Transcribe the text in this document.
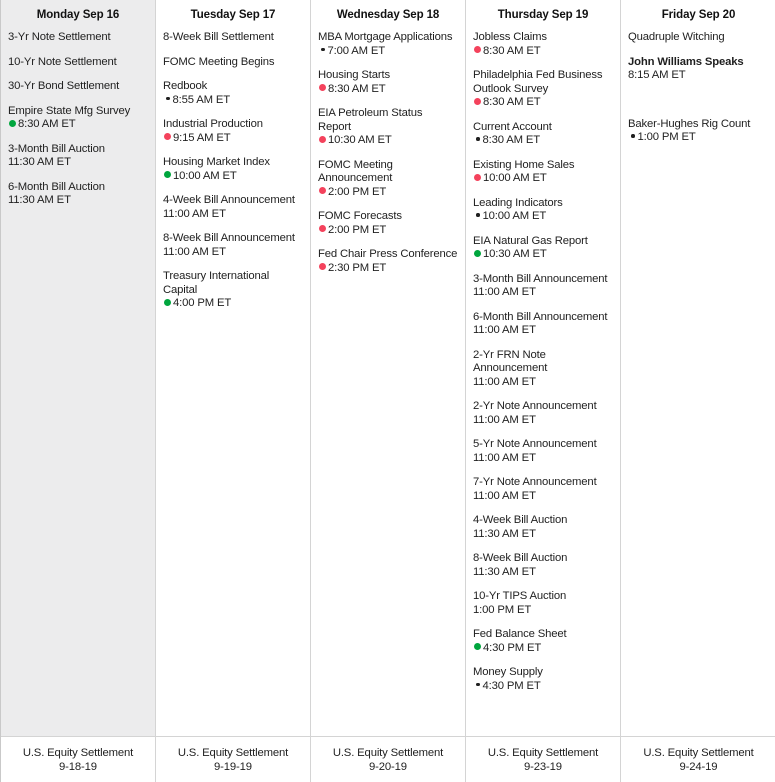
Monday Sep 16
3-Yr Note Settlement
10-Yr Note Settlement
30-Yr Bond Settlement
Empire State Mfg Survey
8:30 AM ET
3-Month Bill Auction
11:30 AM ET
6-Month Bill Auction
11:30 AM ET
Tuesday Sep 17
8-Week Bill Settlement
FOMC Meeting Begins
Redbook
8:55 AM ET
Industrial Production
9:15 AM ET
Housing Market Index
10:00 AM ET
4-Week Bill Announcement
11:00 AM ET
8-Week Bill Announcement
11:00 AM ET
Treasury International Capital
4:00 PM ET
Wednesday Sep 18
MBA Mortgage Applications
7:00 AM ET
Housing Starts
8:30 AM ET
EIA Petroleum Status Report
10:30 AM ET
FOMC Meeting Announcement
2:00 PM ET
FOMC Forecasts
2:00 PM ET
Fed Chair Press Conference
2:30 PM ET
Thursday Sep 19
Jobless Claims
8:30 AM ET
Philadelphia Fed Business Outlook Survey
8:30 AM ET
Current Account
8:30 AM ET
Existing Home Sales
10:00 AM ET
Leading Indicators
10:00 AM ET
EIA Natural Gas Report
10:30 AM ET
3-Month Bill Announcement
11:00 AM ET
6-Month Bill Announcement
11:00 AM ET
2-Yr FRN Note Announcement
11:00 AM ET
2-Yr Note Announcement
11:00 AM ET
5-Yr Note Announcement
11:00 AM ET
7-Yr Note Announcement
11:00 AM ET
4-Week Bill Auction
11:30 AM ET
8-Week Bill Auction
11:30 AM ET
10-Yr TIPS Auction
1:00 PM ET
Fed Balance Sheet
4:30 PM ET
Money Supply
4:30 PM ET
Friday Sep 20
Quadruple Witching
John Williams Speaks
8:15 AM ET
Baker-Hughes Rig Count
1:00 PM ET
U.S. Equity Settlement
9-18-19
U.S. Equity Settlement
9-19-19
U.S. Equity Settlement
9-20-19
U.S. Equity Settlement
9-23-19
U.S. Equity Settlement
9-24-19
